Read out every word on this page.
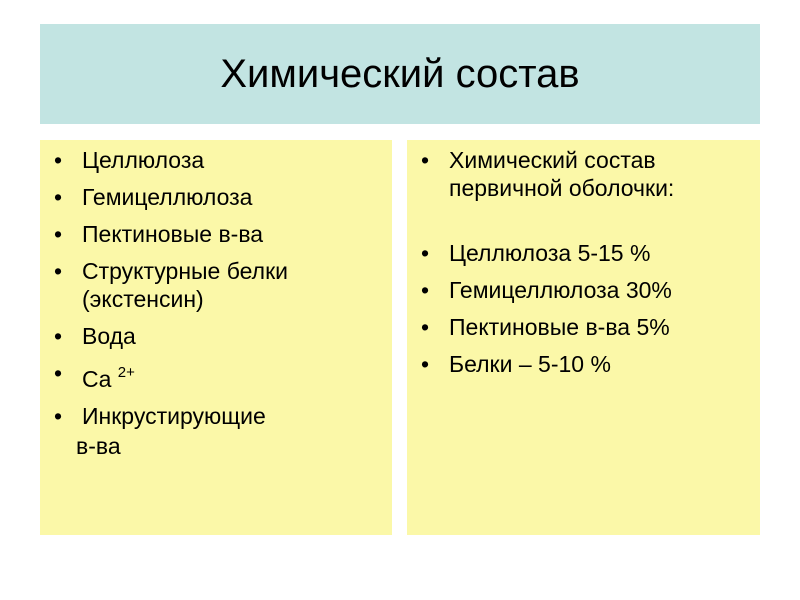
Химический состав
• Целлюлоза
• Гемицеллюлоза
• Пектиновые в-ва
• Структурные белки (экстенсин)
• Вода
• Ca $^{2+}$
• Инкрустирующие
в-ва
• Химический состав первичной оболочки:
• Целлюлоза 5-15 %
• Гемицеллюлоза 30%
• Пектиновые в-ва 5%
• Белки – 5-10 %
